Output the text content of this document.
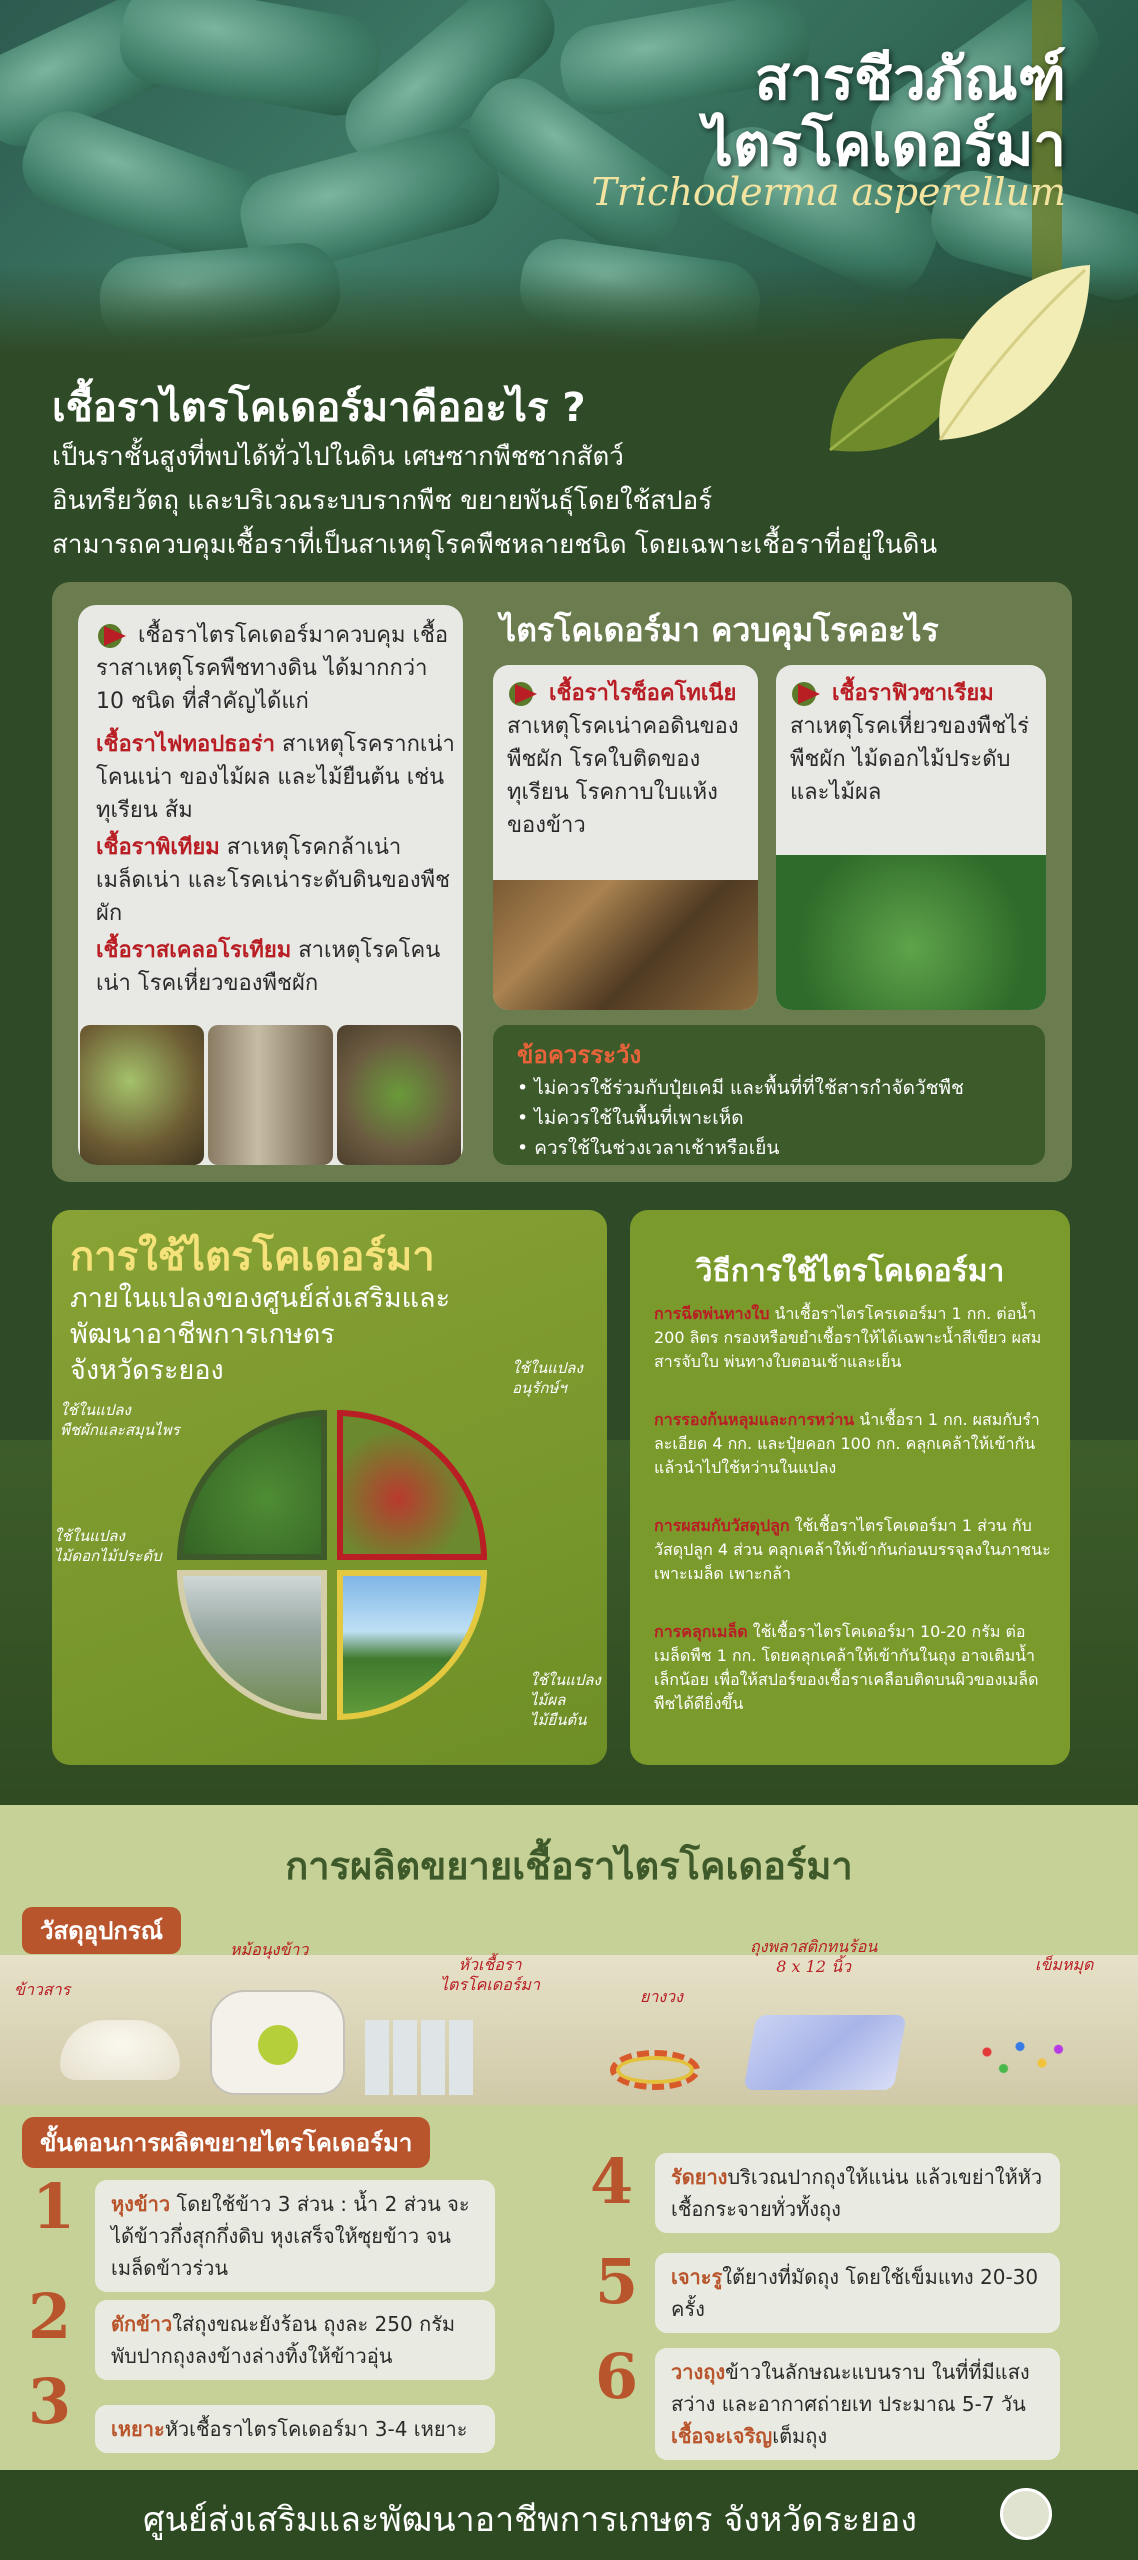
สารชีวภัณฑ์
ไตรโคเดอร์มา
Trichoderma asperellum
เชื้อราไตรโคเดอร์มาคืออะไร ?
เป็นราชั้นสูงที่พบได้ทั่วไปในดิน เศษซากพืชซากสัตว์
อินทรียวัตถุ และบริเวณระบบรากพืช ขยายพันธุ์โดยใช้สปอร์
สามารถควบคุมเชื้อราที่เป็นสาเหตุโรคพืชหลายชนิด โดยเฉพาะเชื้อราที่อยู่ในดิน
เชื้อราไตรโคเดอร์มาควบคุม เชื้อราสาเหตุโรคพืชทางดิน ได้มากกว่า 10 ชนิด ที่สำคัญได้แก่
เชื้อราไฟทอปธอร่า สาเหตุโรครากเน่าโคนเน่า ของไม้ผล และไม้ยืนต้น เช่น ทุเรียน ส้ม
เชื้อราพิเทียม สาเหตุโรคกล้าเน่า เมล็ดเน่า และโรคเน่าระดับดินของพืชผัก
เชื้อราสเคลอโรเทียม สาเหตุโรคโคนเน่า โรคเหี่ยวของพืชผัก
ไตรโคเดอร์มา ควบคุมโรคอะไร
เชื้อราไรซ็อคโทเนีย สาเหตุโรคเน่าคอดินของพืชผัก โรคใบติดของทุเรียน โรคกาบใบแห้งของข้าว
เชื้อราฟิวซาเรียม สาเหตุโรคเหี่ยวของพืชไร่ พืชผัก ไม้ดอกไม้ประดับ และไม้ผล
ข้อควรระวัง
• ไม่ควรใช้ร่วมกับปุ๋ยเคมี และพื้นที่ที่ใช้สารกำจัดวัชพืช
• ไม่ควรใช้ในพื้นที่เพาะเห็ด
• ควรใช้ในช่วงเวลาเช้าหรือเย็น
การใช้ไตรโคเดอร์มา
ภายในแปลงของศูนย์ส่งเสริมและ
พัฒนาอาชีพการเกษตร
จังหวัดระยอง
ใช้ในแปลง
พืชผักและสมุนไพร
ใช้ในแปลง
อนุรักษ์ฯ
ใช้ในแปลง
ไม้ดอกไม้ประดับ
ใช้ในแปลง
ไม้ผล
ไม้ยืนต้น
วิธีการใช้ไตรโคเดอร์มา
การฉีดพ่นทางใบ นำเชื้อราไตรโครเดอร์มา 1 กก. ต่อน้ำ 200 ลิตร กรองหรือขยำเชื้อราให้ได้เฉพาะน้ำสีเขียว ผสมสารจับใบ พ่นทางใบตอนเช้าและเย็น
การรองก้นหลุมและการหว่าน นำเชื้อรา 1 กก. ผสมกับรำละเอียด 4 กก. และปุ๋ยคอก 100 กก. คลุกเคล้าให้เข้ากันแล้วนำไปใช้หว่านในแปลง
การผสมกับวัสดุปลูก ใช้เชื้อราไตรโคเดอร์มา 1 ส่วน กับวัสดุปลูก 4 ส่วน คลุกเคล้าให้เข้ากันก่อนบรรจุลงในภาชนะเพาะเมล็ด เพาะกล้า
การคลุกเมล็ด ใช้เชื้อราไตรโคเดอร์มา 10-20 กรัม ต่อเมล็ดพืช 1 กก. โดยคลุกเคล้าให้เข้ากันในถุง อาจเติมน้ำเล็กน้อย เพื่อให้สปอร์ของเชื้อราเคลือบติดบนผิวของเมล็ดพืชได้ดียิ่งขึ้น
การผลิตขยายเชื้อราไตรโคเดอร์มา
วัสดุอุปกรณ์
ข้าวสาร
หม้อนุงข้าว
หัวเชื้อรา
ไตรโคเดอร์มา
ยางวง
ถุงพลาสติกทนร้อน
8 x 12 นิ้ว	เข็มหมุด
ขั้นตอนการผลิตขยายไตรโคเดอร์มา
1	หุงข้าว โดยใช้ข้าว 3 ส่วน : น้ำ 2 ส่วน จะได้ข้าวกึ่งสุกกึ่งดิบ หุงเสร็จให้ซุยข้าว จนเมล็ดข้าวร่วน
2	ตักข้าวใส่ถุงขณะยังร้อน ถุงละ 250 กรัม พับปากถุงลงข้างล่างทิ้งให้ข้าวอุ่น
3	เหยาะหัวเชื้อราไตรโคเดอร์มา 3-4 เหยาะ
4	รัดยางบริเวณปากถุงให้แน่น แล้วเขย่าให้หัวเชื้อกระจายทั่วทั้งถุง
5	เจาะรูใต้ยางที่มัดถุง โดยใช้เข็มแทง 20-30 ครั้ง
6	วางถุงข้าวในลักษณะแบนราบ ในที่ที่มีแสงสว่าง และอากาศถ่ายเท ประมาณ 5-7 วัน เชื้อจะเจริญเต็มถุง
ศูนย์ส่งเสริมและพัฒนาอาชีพการเกษตร จังหวัดระยอง
